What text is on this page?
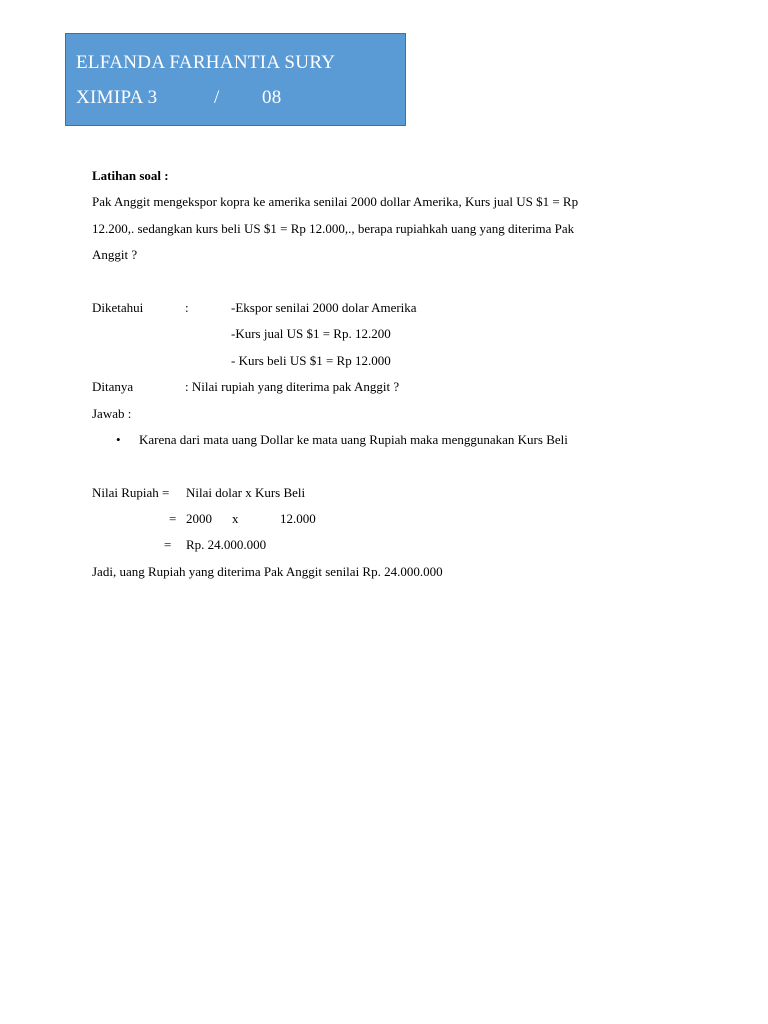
ELFANDA FARHANTIA SURY
XIMIPA 3	/ 08
Latihan soal :
Pak Anggit mengekspor kopra ke amerika senilai 2000 dollar Amerika, Kurs jual US $1 = Rp
12.200,. sedangkan kurs beli US $1 = Rp 12.000,., berapa rupiahkah uang yang diterima Pak
Anggit ?
Diketahui	:	-Ekspor senilai 2000 dolar Amerika
-Kurs jual US $1 = Rp. 12.200
- Kurs beli US $1 = Rp 12.000
Ditanya	: Nilai rupiah yang diterima pak Anggit ?
Jawab :
• Karena dari mata uang Dollar ke mata uang Rupiah maka menggunakan Kurs Beli
Nilai Rupiah = Nilai dolar x Kurs Beli
= 2000 x	12.000
= Rp. 24.000.000
Jadi, uang Rupiah yang diterima Pak Anggit senilai Rp. 24.000.000
